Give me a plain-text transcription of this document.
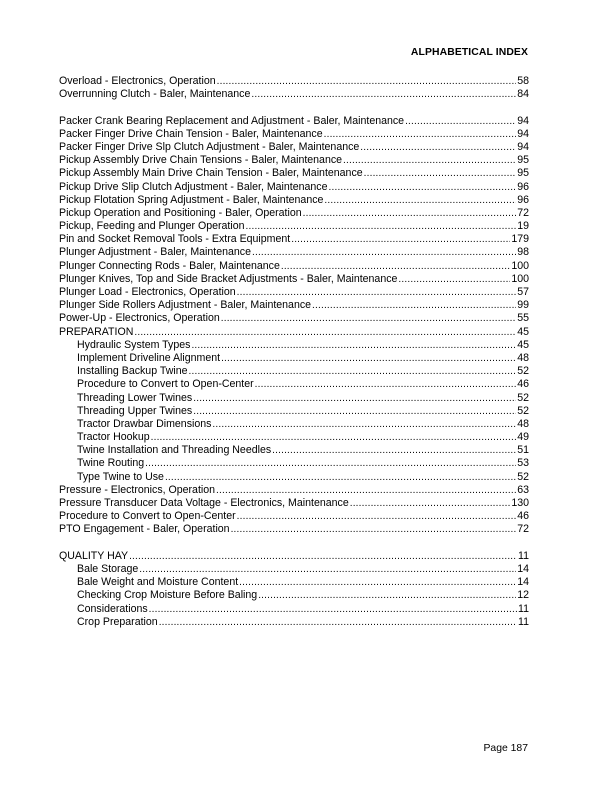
ALPHABETICAL INDEX
Overload - Electronics, Operation .....	58
Overrunning Clutch - Baler, Maintenance .....	84
Packer Crank Bearing Replacement and Adjustment - Baler, Maintenance .....	94
Packer Finger Drive Chain Tension - Baler, Maintenance .....	94
Packer Finger Drive Slp Clutch Adjustment - Baler, Maintenance .....	94
Pickup Assembly Drive Chain Tensions - Baler, Maintenance .....	95
Pickup Assembly Main Drive Chain Tension - Baler, Maintenance .....	95
Pickup Drive Slip Clutch Adjustment - Baler, Maintenance .....	96
Pickup Flotation Spring Adjustment - Baler, Maintenance .....	96
Pickup Operation and Positioning - Baler, Operation .....	72
Pickup, Feeding and Plunger Operation .....	19
Pin and Socket Removal Tools - Extra Equipment .....	179
Plunger Adjustment - Baler, Maintenance .....	98
Plunger Connecting Rods - Baler, Maintenance .....	100
Plunger Knives, Top and Side Bracket Adjustments - Baler, Maintenance .....	100
Plunger Load - Electronics, Operation .....	57
Plunger Side Rollers Adjustment - Baler, Maintenance .....	99
Power-Up - Electronics, Operation .....	55
PREPARATION .....	45
Hydraulic System Types .....	45
Implement Driveline Alignment .....	48
Installing Backup Twine .....	52
Procedure to Convert to Open-Center .....	46
Threading Lower Twines .....	52
Threading Upper Twines .....	52
Tractor Drawbar Dimensions .....	48
Tractor Hookup .....	49
Twine Installation and Threading Needles .....	51
Twine Routing .....	53
Type Twine to Use .....	52
Pressure - Electronics, Operation .....	63
Pressure Transducer Data Voltage - Electronics, Maintenance .....	130
Procedure to Convert to Open-Center .....	46
PTO Engagement - Baler, Operation .....	72
QUALITY HAY .....	11
Bale Storage .....	14
Bale Weight and Moisture Content .....	14
Checking Crop Moisture Before Baling .....	12
Considerations .....	11
Crop Preparation .....	11
Page 187
